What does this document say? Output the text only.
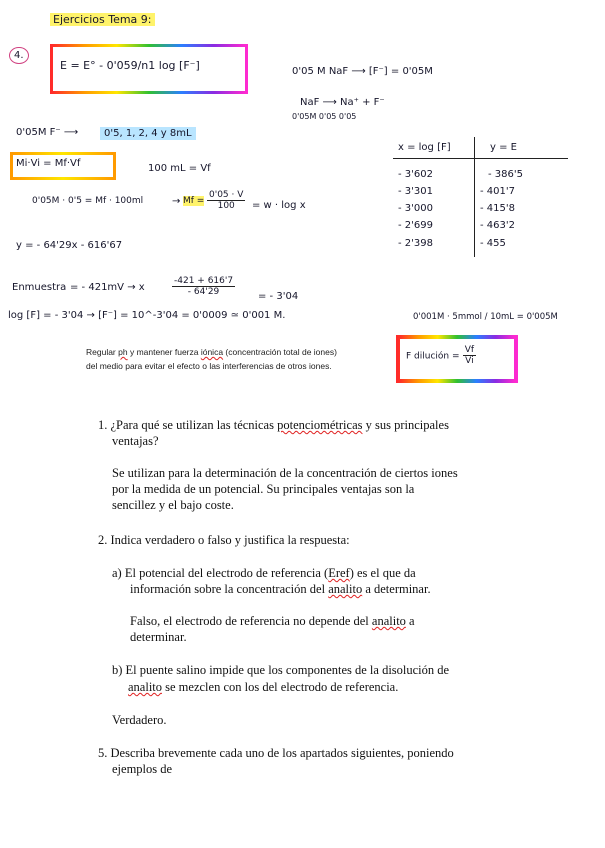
Ejercicios Tema 9:
4.
E = E° - 0'059/n1 log [F⁻]	0'05 M NaF ⟶ [F⁻] = 0'05M
NaF ⟶ Na⁺ + F⁻
0'05M 0'05 0'05
0'05M F⁻ ⟶	0'5, 1, 2, 4 y 8mL
Mi·Vi = Mf·Vf	100 mL = Vf
0'05M · 0'5 = Mf · 100ml	→ $Mf = \frac{0'05 \cdot V}{100} = w \cdot \log x$
x = log [F]	y = E
- 3'602	- 386'5
- 3'301	- 401'7
- 3'000	- 415'8
- 2'699	- 463'2
- 2'398	- 455
y = - 64'29x - 616'67
Enmuestra = - 421mV → x	$\frac{-421 + 616'7}{- 64'29}$ = - 3'04
log [F] = - 3'04 → [F⁻] = 10^-3'04 = 0'0009 ≃ 0'001 M.	0'001M · 5mmol / 10mL = 0'005M
Regular ph y mantener fuerza iónica (concentración total de iones)
del medio para evitar el efecto o las interferencias de otros iones.
F dilución = $\frac{Vf}{Vi}$
1. ¿Para qué se utilizan las técnicas potenciométricas y sus principales
ventajas?
Se utilizan para la determinación de la concentración de ciertos iones
por la medida de un potencial. Su principales ventajas son la
sencillez y el bajo coste.
2. Indica verdadero o falso y justifica la respuesta:
a) El potencial del electrodo de referencia (Eref) es el que da
información sobre la concentración del analito a determinar.
Falso, el electrodo de referencia no depende del analito a
determinar.
b) El puente salino impide que los componentes de la disolución de
analito se mezclen con los del electrodo de referencia.
Verdadero.
5. Describa brevemente cada uno de los apartados siguientes, poniendo
ejemplos de
